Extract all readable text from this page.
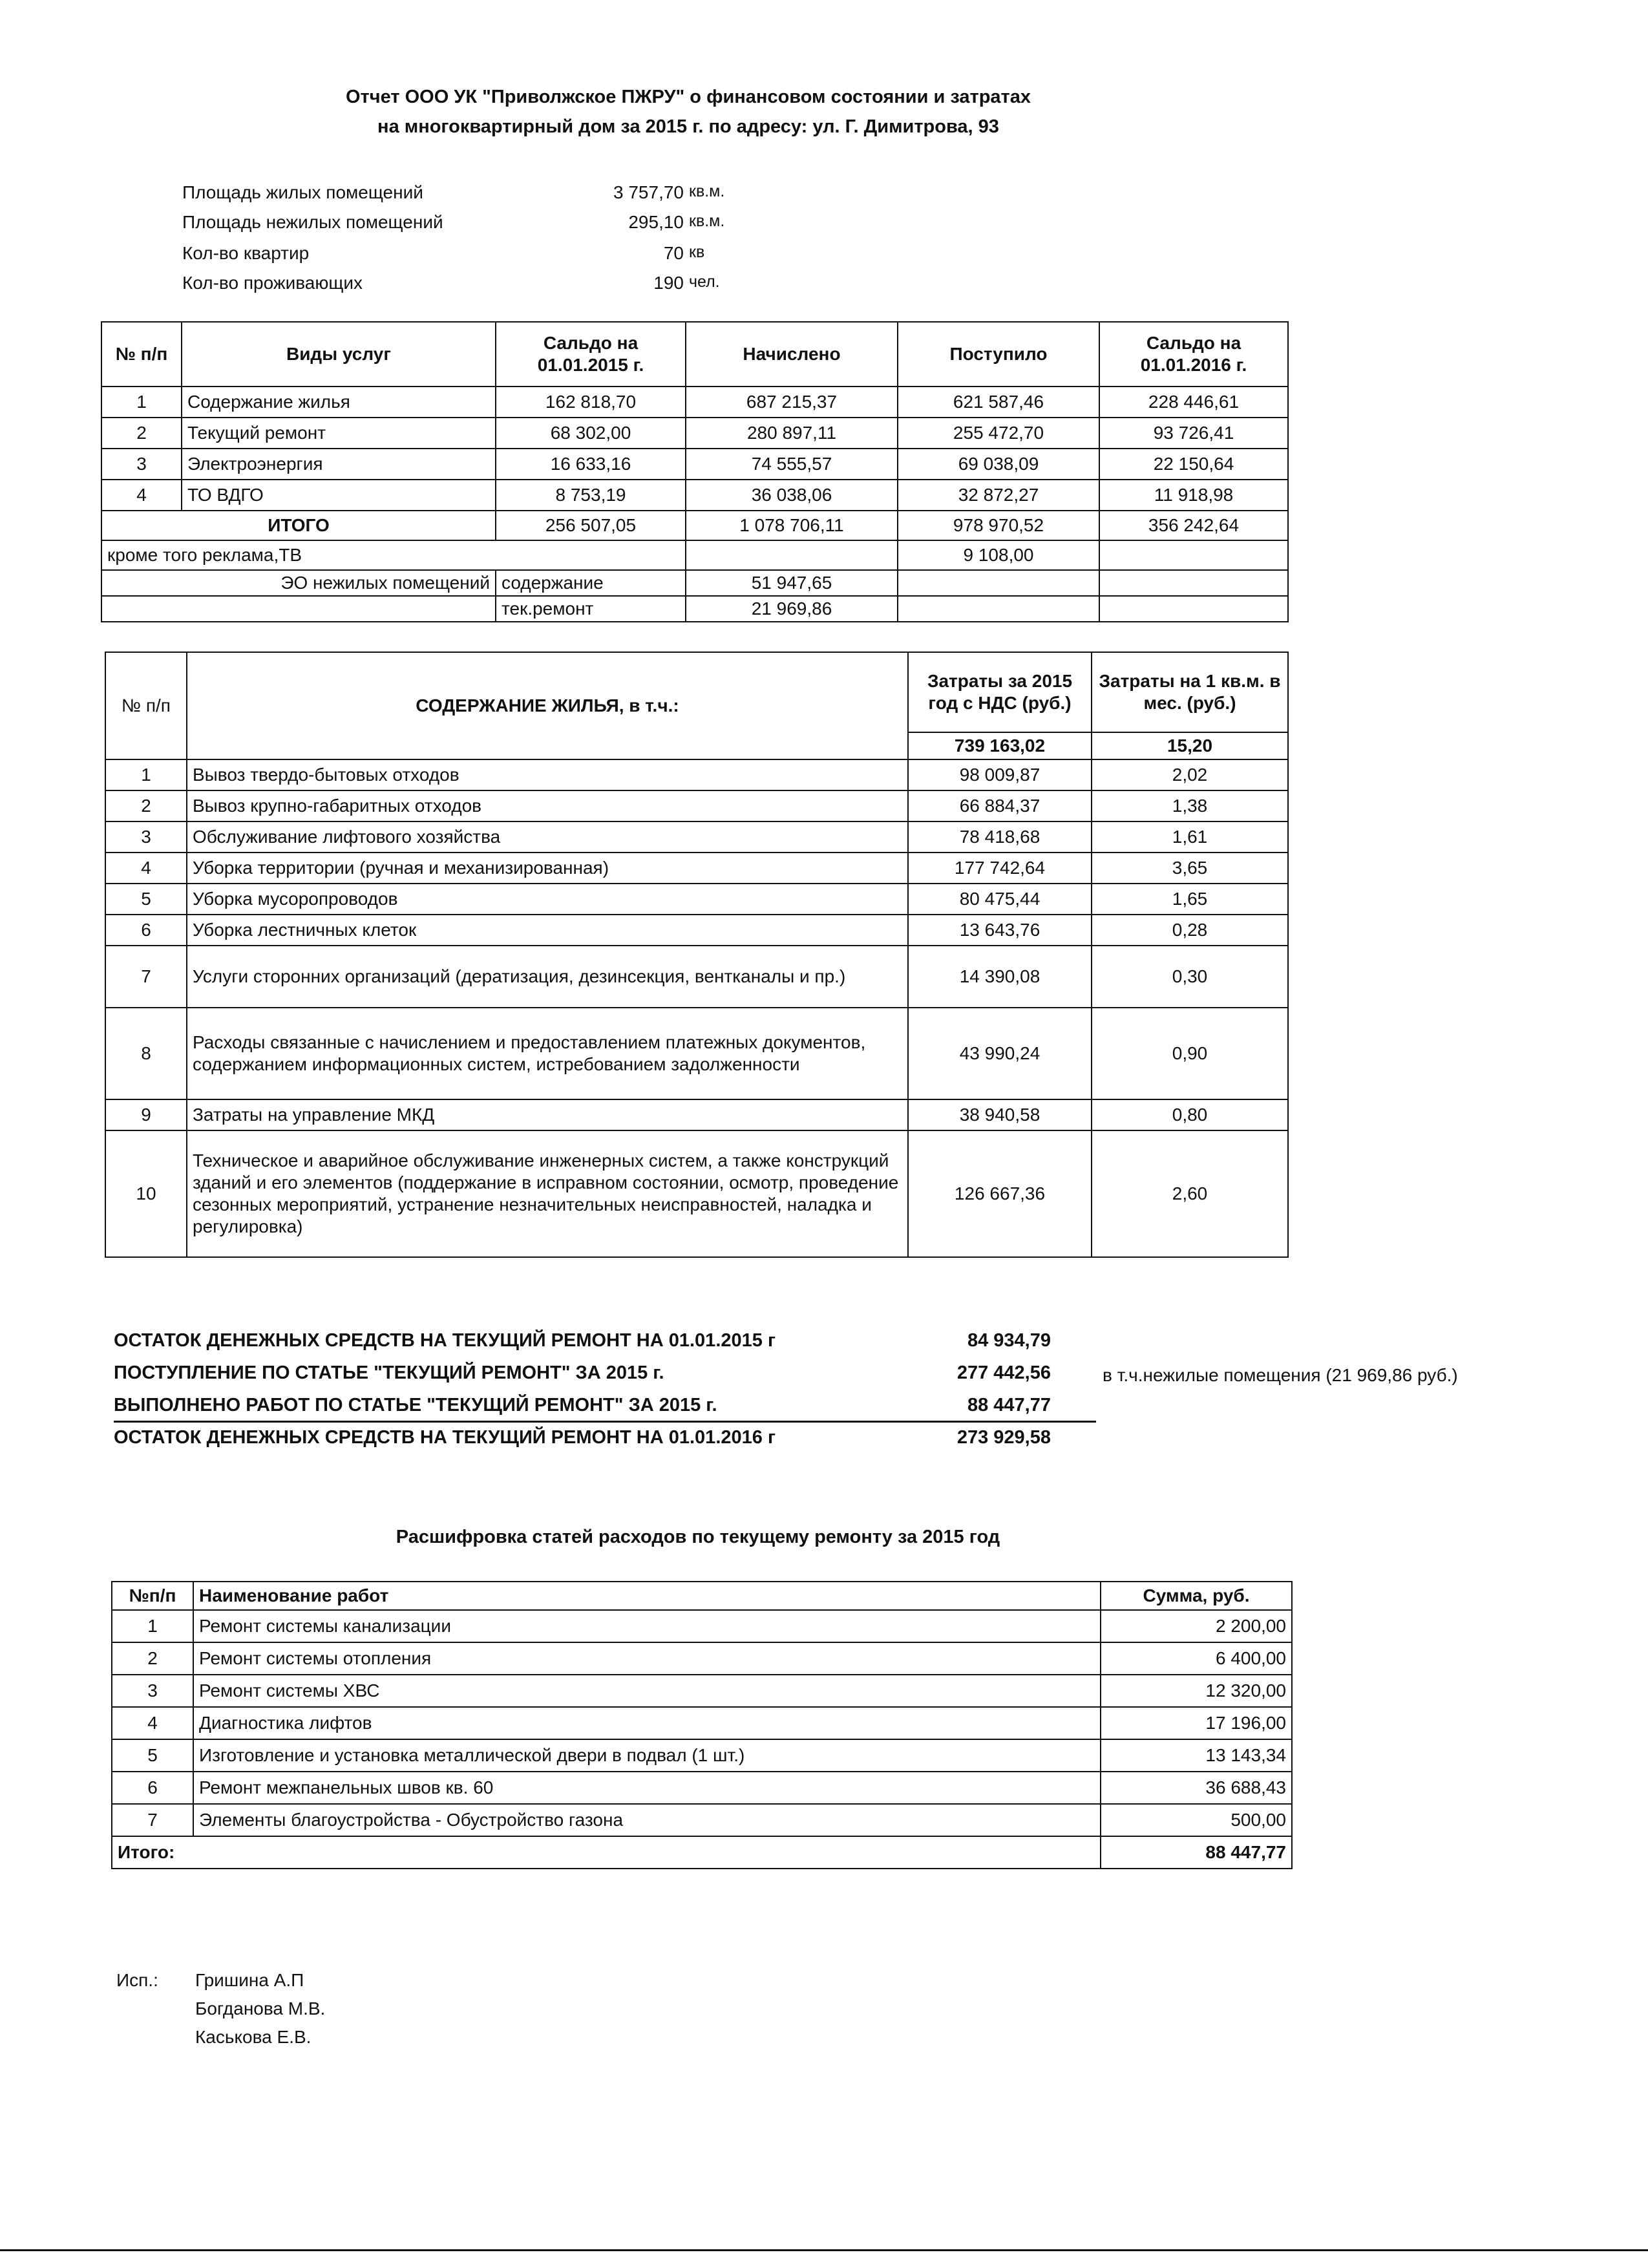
Отчет ООО УК "Приволжское ПЖРУ" о финансовом состоянии и затратах
на многоквартирный дом за 2015 г. по адресу: ул. Г. Димитрова, 93
Площадь жилых помещений	3 757,70 кв.м.
Площадь нежилых помещений	295,10 кв.м.
Кол-во квартир	70 кв
Кол-во проживающих	190 чел.
№ п/п	Виды услуг	Сальдо на 01.01.2015 г.	Начислено	Поступило	Сальдо на 01.01.2016 г.
1	Содержание жилья	162 818,70	687 215,37	621 587,46	228 446,61
2	Текущий ремонт	68 302,00	280 897,11	255 472,70	93 726,41
3	Электроэнергия	16 633,16	74 555,57	69 038,09	22 150,64
4	ТО ВДГО	8 753,19	36 038,06	32 872,27	11 918,98
ИТОГО		256 507,05	1 078 706,11	978 970,52	356 242,64
кроме того реклама,ТВ				9 108,00	
ЭО нежилых помещений		содержание	51 947,65		
		тек.ремонт	21 969,86		
№ п/п	СОДЕРЖАНИЕ ЖИЛЬЯ, в т.ч.:	Затраты за 2015 год с НДС (руб.)	Затраты на 1 кв.м. в мес. (руб.)
		739 163,02	15,20
1	Вывоз твердо-бытовых отходов	98 009,87	2,02
2	Вывоз крупно-габаритных отходов	66 884,37	1,38
3	Обслуживание лифтового хозяйства	78 418,68	1,61
4	Уборка территории (ручная и механизированная)	177 742,64	3,65
5	Уборка мусоропроводов	80 475,44	1,65
6	Уборка лестничных клеток	13 643,76	0,28
7	Услуги сторонних организаций (дератизация, дезинсекция, вентканалы и пр.)	14 390,08	0,30
8	Расходы связанные с начислением и предоставлением платежных документов, содержанием информационных систем, истребованием задолженности	43 990,24	0,90
9	Затраты на управление МКД	38 940,58	0,80
10	Техническое и аварийное обслуживание инженерных систем, а также конструкций зданий и его элементов (поддержание в исправном состоянии, осмотр, проведение сезонных мероприятий, устранение незначительных неисправностей, наладка и регулировка)	126 667,36	2,60
ОСТАТОК ДЕНЕЖНЫХ СРЕДСТВ НА ТЕКУЩИЙ РЕМОНТ НА 01.01.2015 г	84 934,79
ПОСТУПЛЕНИЕ ПО СТАТЬЕ "ТЕКУЩИЙ РЕМОНТ" ЗА 2015 г.	277 442,56
ВЫПОЛНЕНО РАБОТ ПО СТАТЬЕ "ТЕКУЩИЙ РЕМОНТ" ЗА 2015 г.	88 447,77
ОСТАТОК ДЕНЕЖНЫХ СРЕДСТВ НА ТЕКУЩИЙ РЕМОНТ НА 01.01.2016 г	273 929,58
в т.ч.нежилые помещения (21 969,86 руб.)
Расшифровка статей расходов по текущему ремонту за 2015 год
№п/п	Наименование работ	Сумма, руб.
1	Ремонт системы канализации	2 200,00
2	Ремонт системы отопления	6 400,00
3	Ремонт системы ХВС	12 320,00
4	Диагностика лифтов	17 196,00
5	Изготовление и установка металлической двери в подвал (1 шт.)	13 143,34
6	Ремонт межпанельных швов кв. 60	36 688,43
7	Элементы благоустройства - Обустройство газона	500,00
Итого:		88 447,77
Исп.: Гришина А.П
Богданова М.В.
Каськова Е.В.
